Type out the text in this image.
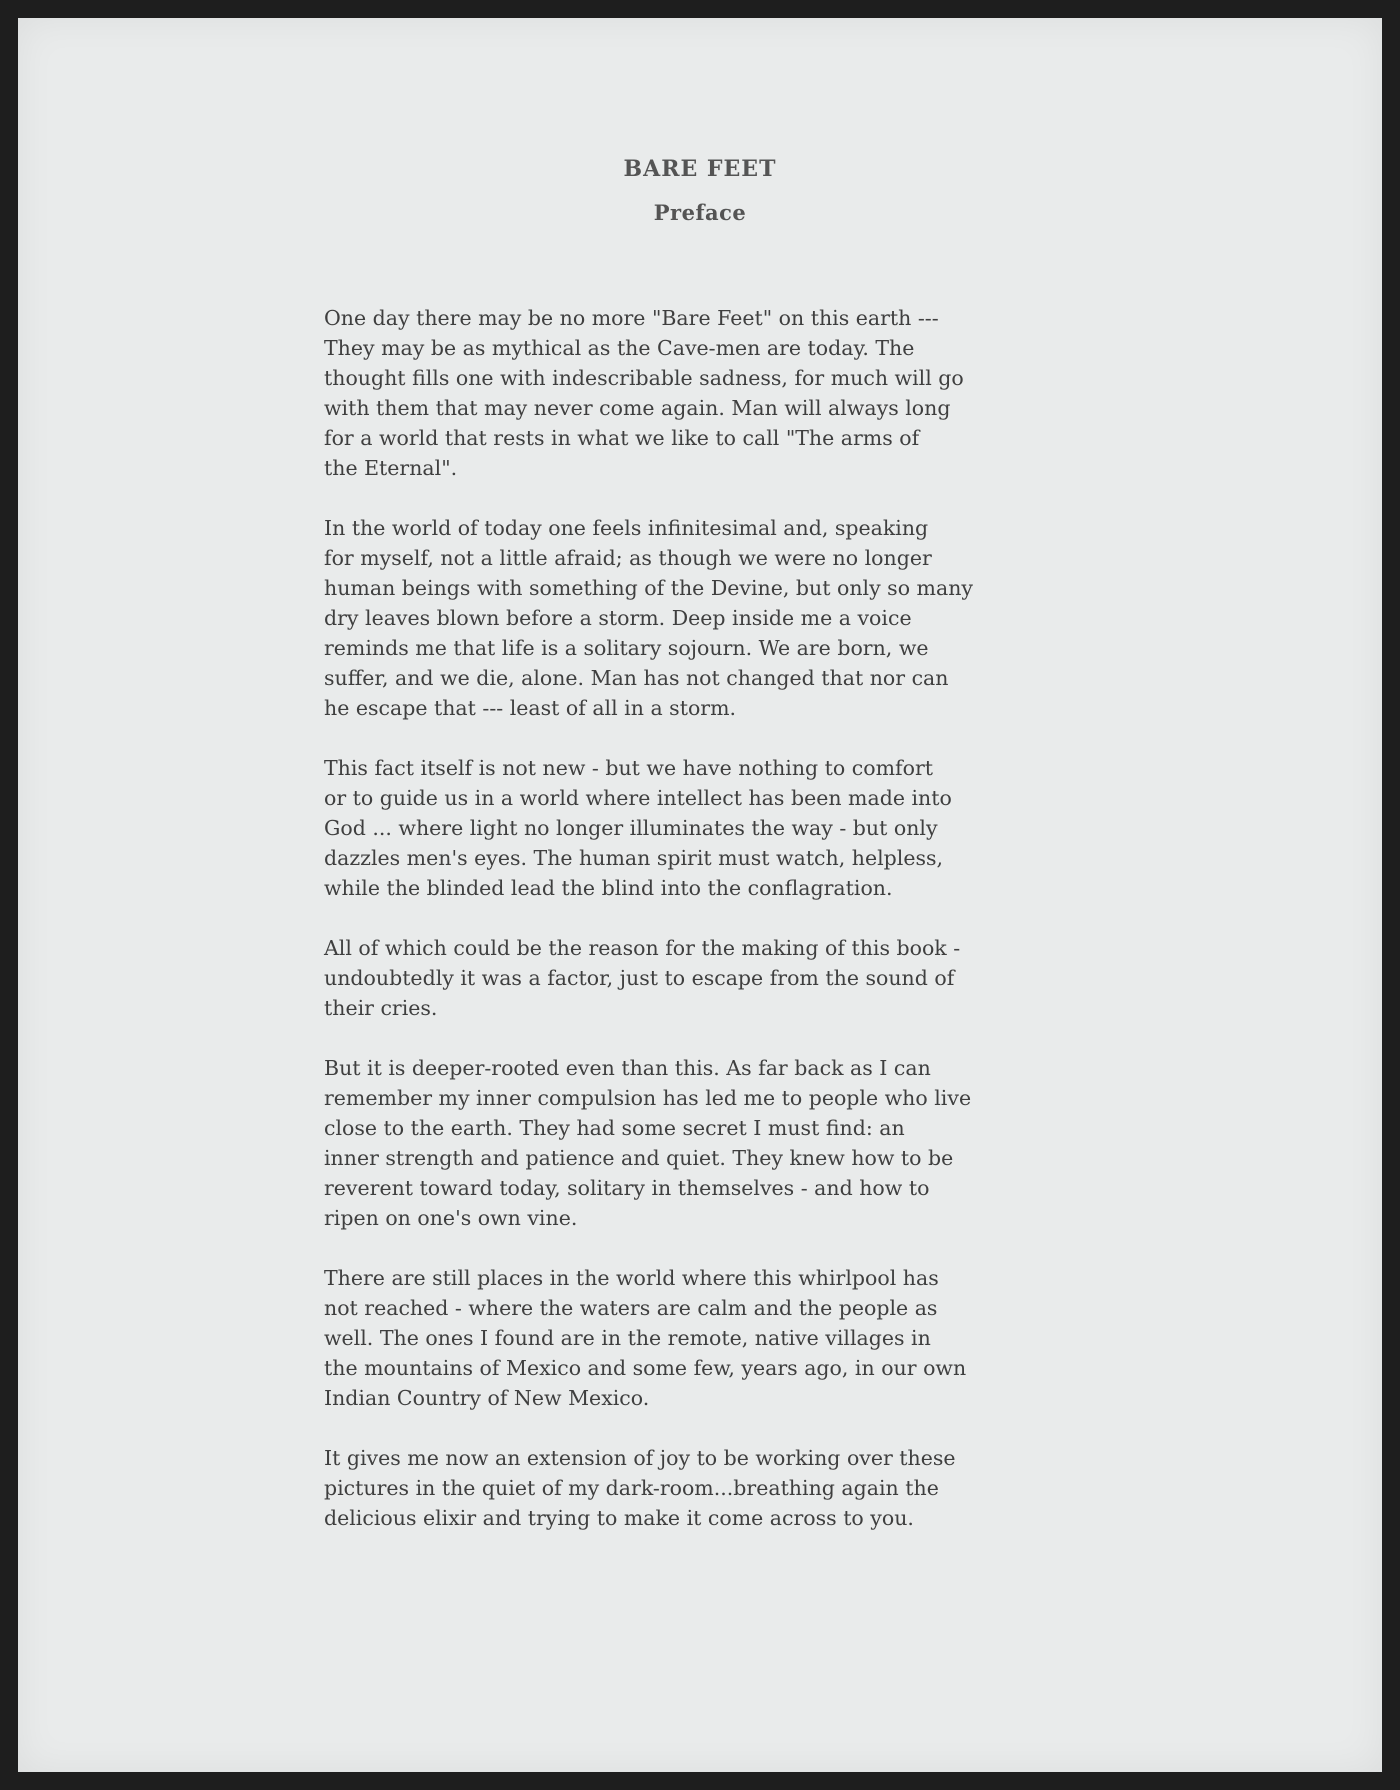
BARE FEET
Preface

One day there may be no more "Bare Feet" on this earth ---
They may be as mythical as the Cave-men are today. The
thought fills one with indescribable sadness, for much will go
with them that may never come again. Man will always long
for a world that rests in what we like to call "The arms of
the Eternal".

In the world of today one feels infinitesimal and, speaking
for myself, not a little afraid; as though we were no longer
human beings with something of the Devine, but only so many
dry leaves blown before a storm. Deep inside me a voice
reminds me that life is a solitary sojourn. We are born, we
suffer, and we die, alone. Man has not changed that nor can
he escape that --- least of all in a storm.

This fact itself is not new - but we have nothing to comfort
or to guide us in a world where intellect has been made into
God ... where light no longer illuminates the way - but only
dazzles men's eyes. The human spirit must watch, helpless,
while the blinded lead the blind into the conflagration.

All of which could be the reason for the making of this book -
undoubtedly it was a factor, just to escape from the sound of
their cries.

But it is deeper-rooted even than this. As far back as I can
remember my inner compulsion has led me to people who live
close to the earth. They had some secret I must find: an
inner strength and patience and quiet. They knew how to be
reverent toward today, solitary in themselves - and how to
ripen on one's own vine.

There are still places in the world where this whirlpool has
not reached - where the waters are calm and the people as
well. The ones I found are in the remote, native villages in
the mountains of Mexico and some few, years ago, in our own
Indian Country of New Mexico.

It gives me now an extension of joy to be working over these
pictures in the quiet of my dark-room...breathing again the
delicious elixir and trying to make it come across to you.
